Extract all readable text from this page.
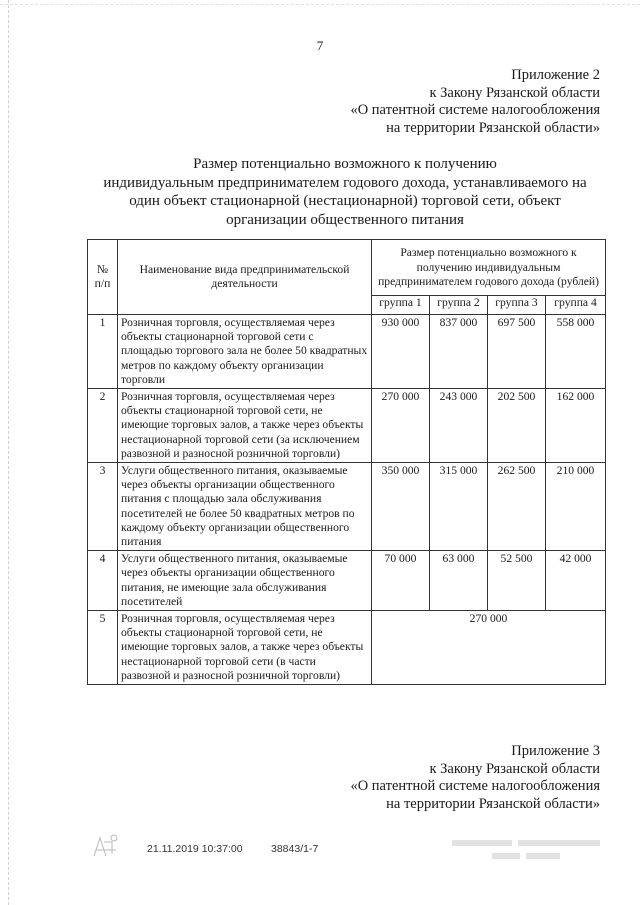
7
Приложение 2
к Закону Рязанской области
«О патентной системе налогообложения
на территории Рязанской области»
Размер потенциально возможного к получению
индивидуальным предпринимателем годового дохода, устанавливаемого на
один объект стационарной (нестационарной) торговой сети, объект
организации общественного питания
№ п/п	Наименование вида предпринимательской деятельности	Размер потенциально возможного к получению индивидуальным предпринимателем годового дохода (рублей)			
		группа 1	группа 2	группа 3	группа 4
1	Розничная торговля, осуществляемая через объекты стационарной торговой сети с площадью торгового зала не более 50 квадратных метров по каждому объекту организации торговли	930 000	837 000	697 500	558 000
2	Розничная торговля, осуществляемая через объекты стационарной торговой сети, не имеющие торговых залов, а также через объекты нестационарной торговой сети (за исключением развозной и разносной розничной торговли)	270 000	243 000	202 500	162 000
3	Услуги общественного питания, оказываемые через объекты организации общественного питания с площадью зала обслуживания посетителей не более 50 квадратных метров по каждому объекту организации общественного питания	350 000	315 000	262 500	210 000
4	Услуги общественного питания, оказываемые через объекты организации общественного питания, не имеющие зала обслуживания посетителей	70 000	63 000	52 500	42 000
5	Розничная торговля, осуществляемая через объекты стационарной торговой сети, не имеющие торговых залов, а также через объекты нестационарной торговой сети (в части развозной и разносной розничной торговли)	270 000			
Приложение 3
к Закону Рязанской области
«О патентной системе налогообложения
на территории Рязанской области»
21.11.2019 10:37:00	38843/1-7
